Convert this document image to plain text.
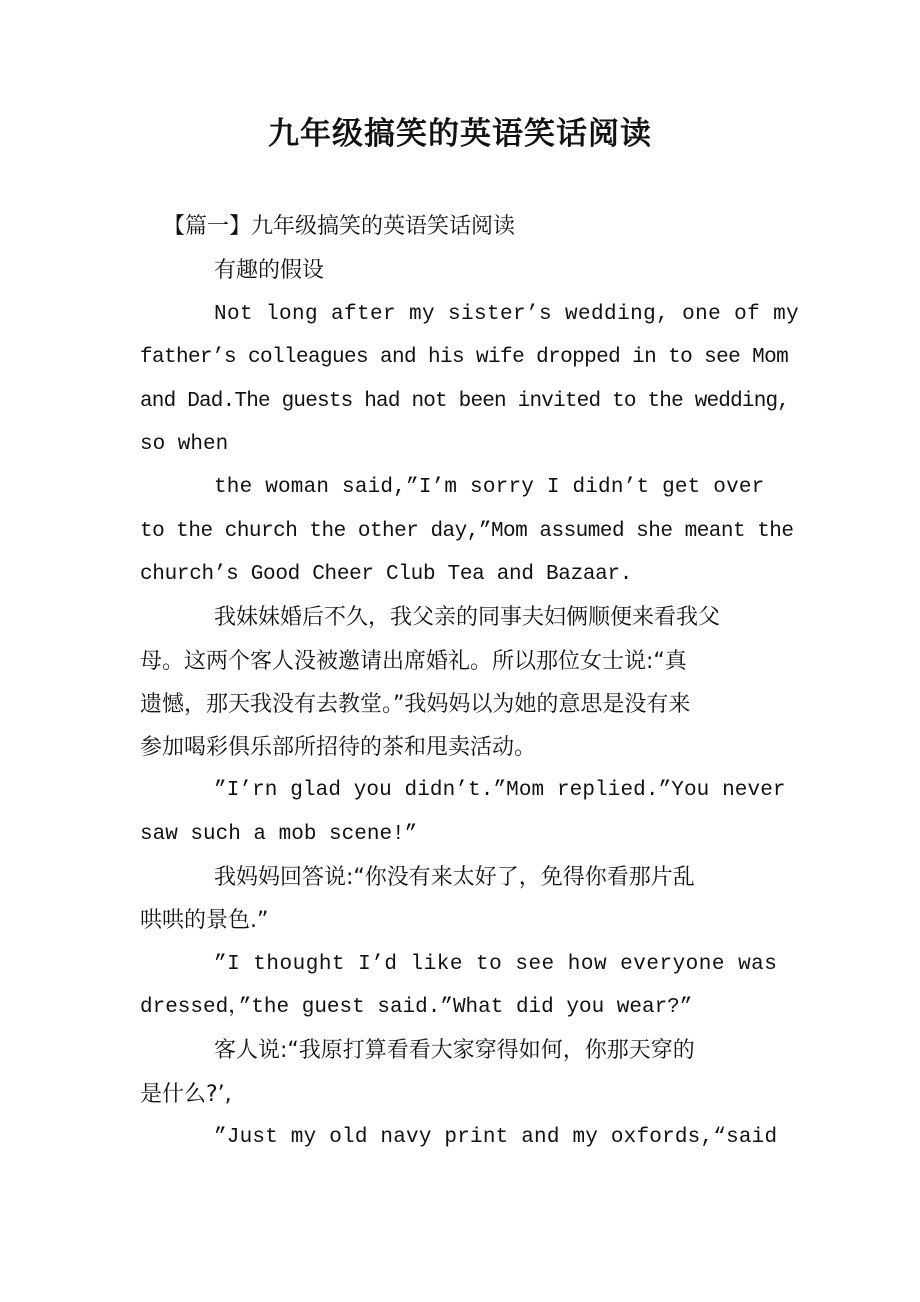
九年级搞笑的英语笑话阅读
【篇一】九年级搞笑的英语笑话阅读
有趣的假设
Not long after my sister’s wedding, one of my
father’s colleagues and his wife dropped in to see Mom
and Dad.The guests had not been invited to the wedding,
so when
the woman said,”I’m sorry I didn’t get over
to the church the other day,”Mom assumed she meant the
church’s Good Cheer Club Tea and Bazaar.
我妹妹婚后不久，我父亲的同事夫妇俩顺便来看我父
母。这两个客人没被邀请出席婚礼。所以那位女士说:“真
遗憾，那天我没有去教堂。”我妈妈以为她的意思是没有来
参加喝彩俱乐部所招待的茶和甩卖活动。
”I’rn glad you didn’t.”Mom replied.”You never
saw such a mob scene!”
我妈妈回答说:“你没有来太好了，免得你看那片乱
哄哄的景色.”
”I thought I’d like to see how everyone was
dressed，”the guest said.”What did you wear?”
客人说:“我原打算看看大家穿得如何，你那天穿的
是什么?’,
”Just my old navy print and my oxfords,“said
